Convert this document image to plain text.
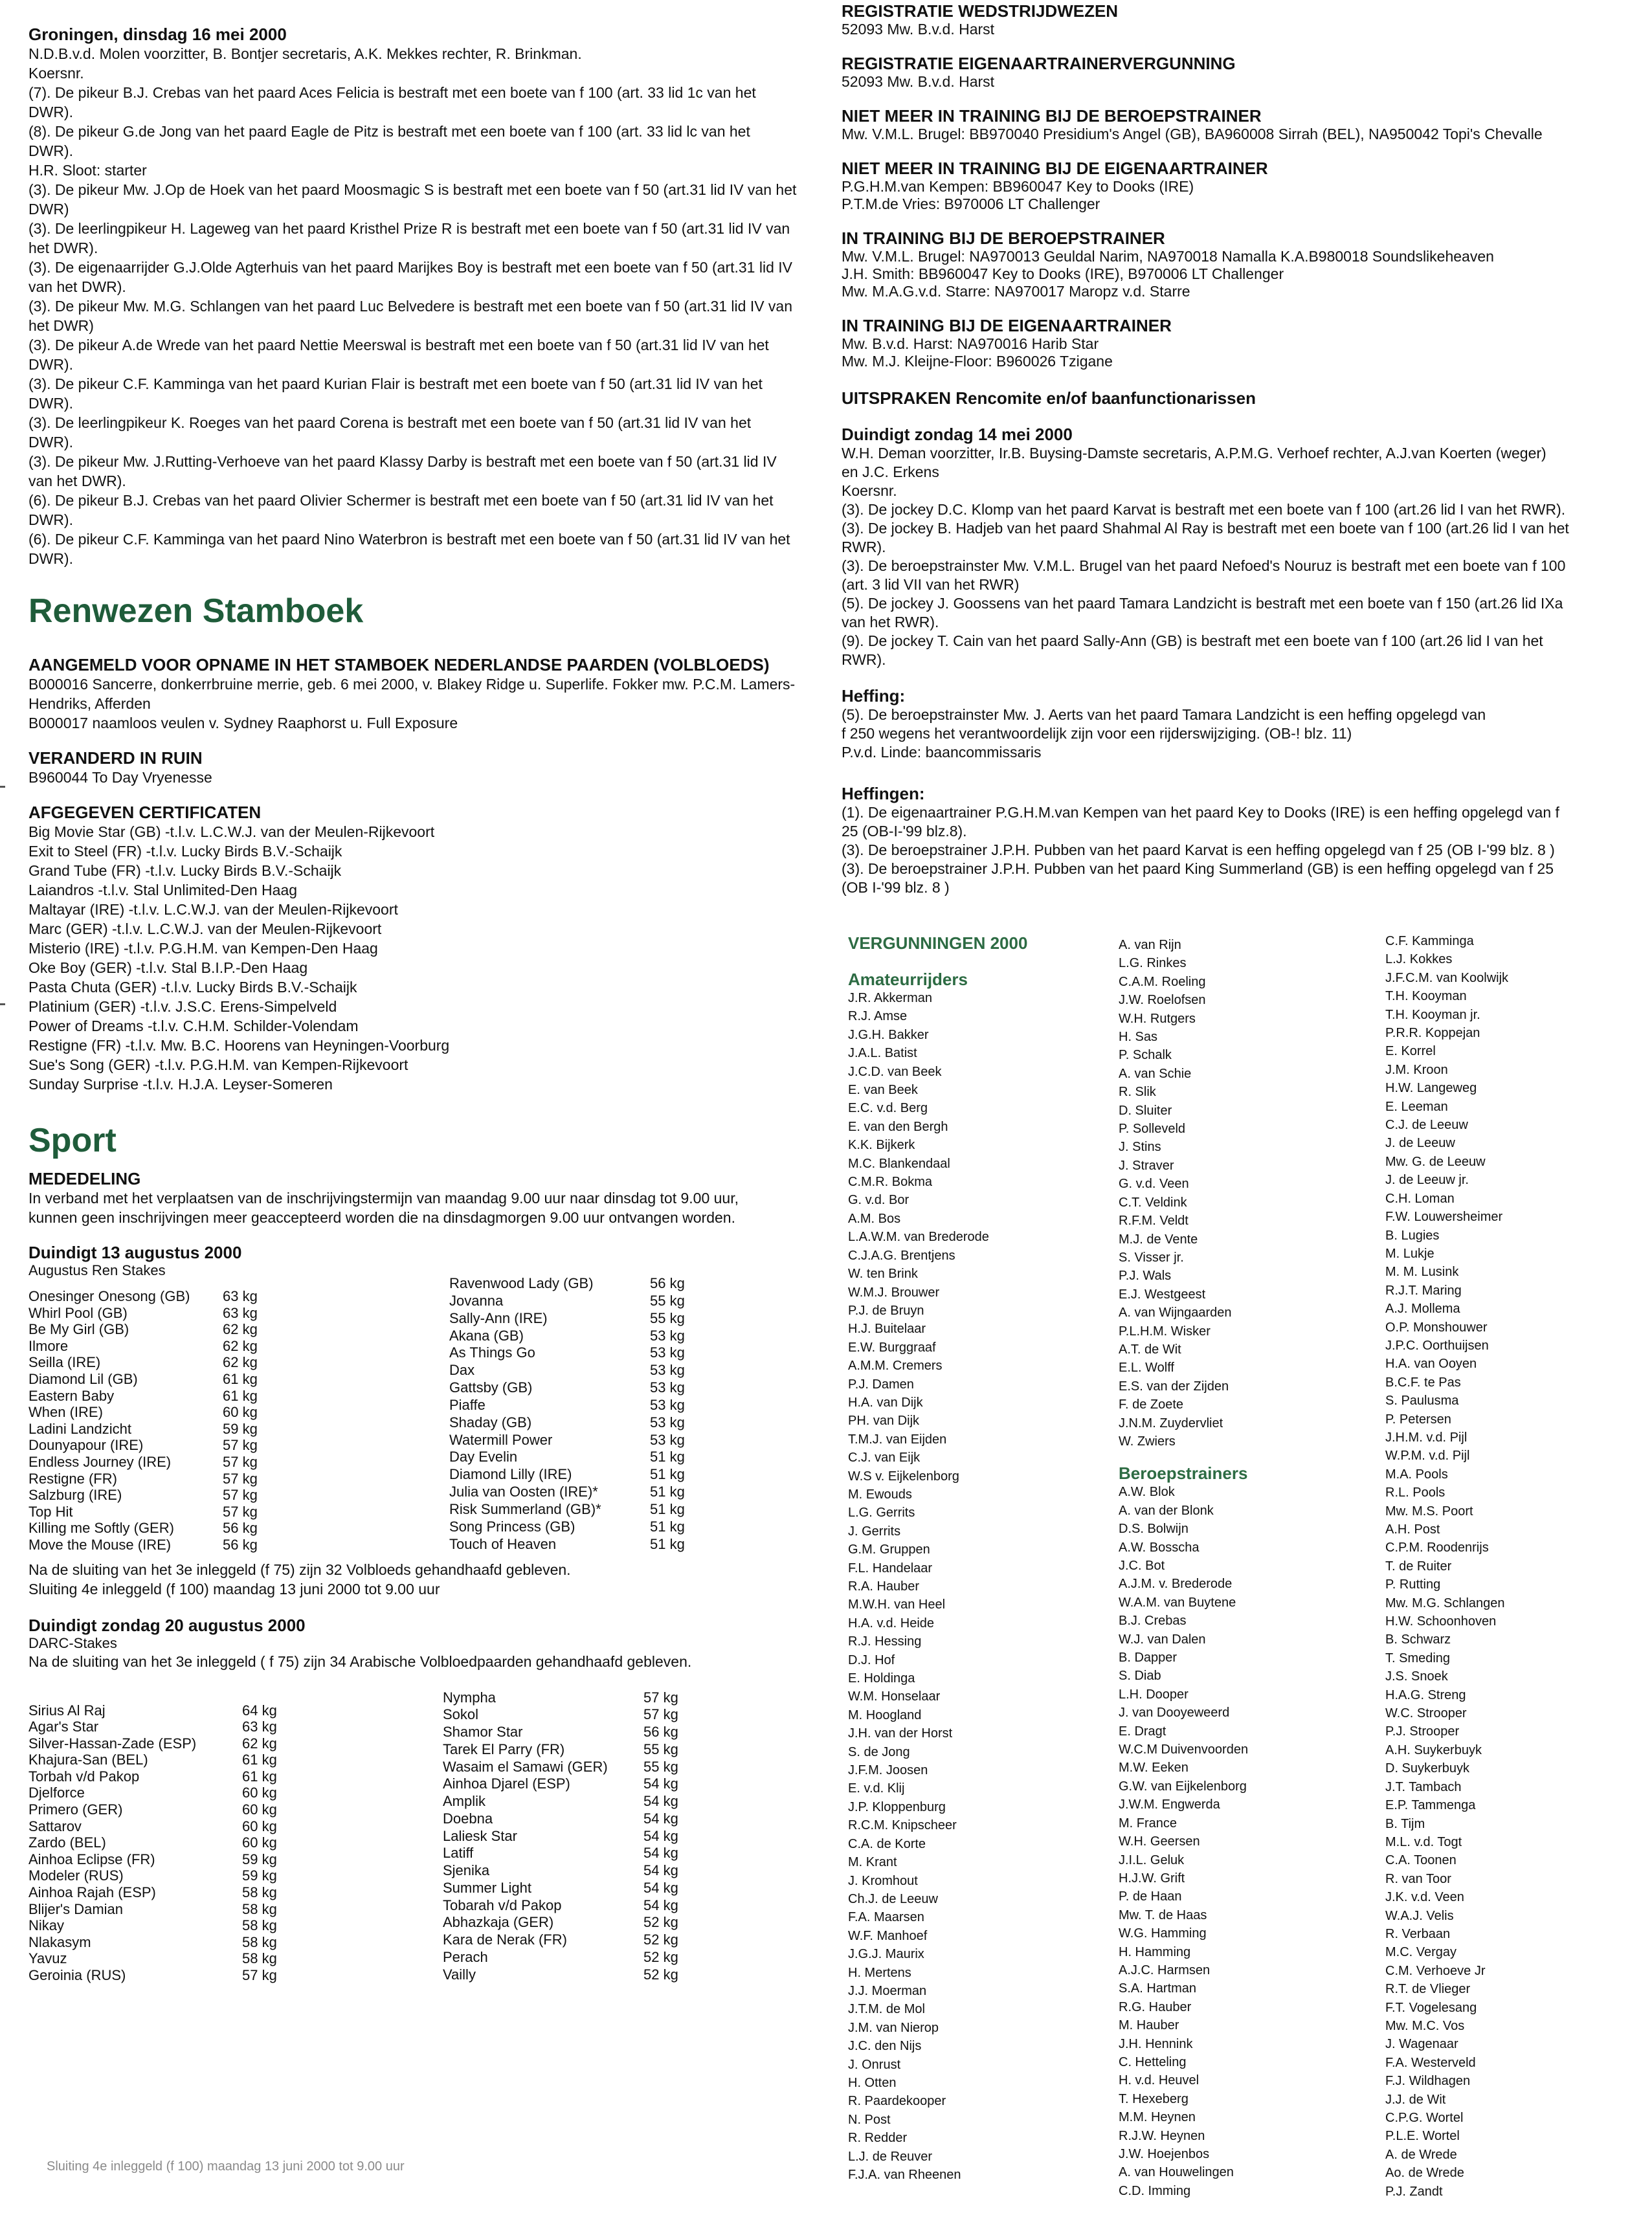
Groningen, dinsdag 16 mei 2000

N.D.B.v.d. Molen voorzitter, B. Bontjer secretaris, A.K. Mekkes rechter, R. Brinkman.
Koersnr.
(7). De pikeur B.J. Crebas van het paard Aces Felicia is bestraft met een boete van f 100 (art. 33 lid 1c van het DWR).
(8). De pikeur G.de Jong van het paard Eagle de Pitz is bestraft met een boete van f 100 (art. 33 lid lc van het DWR).
H.R. Sloot: starter
(3). De pikeur Mw. J.Op de Hoek van het paard Moosmagic S is bestraft met een boete van f 50 (art.31 lid IV van het DWR)
(3). De leerlingpikeur H. Lageweg van het paard Kristhel Prize R is bestraft met een boete van f 50 (art.31 lid IV van het DWR).
(3). De eigenaarrijder G.J.Olde Agterhuis van het paard Marijkes Boy is bestraft met een boete van f 50 (art.31 lid IV van het DWR).
(3). De pikeur Mw. M.G. Schlangen van het paard Luc Belvedere is bestraft met een boete van f 50 (art.31 lid IV van het DWR)
(3). De pikeur A.de Wrede van het paard Nettie Meerswal is bestraft met een boete van f 50 (art.31 lid IV van het DWR).
(3). De pikeur C.F. Kamminga van het paard Kurian Flair is bestraft met een boete van f 50 (art.31 lid IV van het DWR).
(3). De leerlingpikeur K. Roeges van het paard Corena is bestraft met een boete van f 50 (art.31 lid IV van het DWR).
(3). De pikeur Mw. J.Rutting-Verhoeve van het paard Klassy Darby is bestraft met een boete van f 50 (art.31 lid IV van het DWR).
(6). De pikeur B.J. Crebas van het paard Olivier Schermer is bestraft met een boete van f 50 (art.31 lid IV van het DWR).
(6). De pikeur C.F. Kamminga van het paard Nino Waterbron is bestraft met een boete van f 50 (art.31 lid IV van het DWR).

Renwezen Stamboek

AANGEMELD VOOR OPNAME IN HET STAMBOEK NEDERLANDSE PAARDEN (VOLBLOEDS)

B000016 Sancerre, donkerrbruine merrie, geb. 6 mei 2000, v. Blakey Ridge u. Superlife. Fokker mw. P.C.M. Lamers-Hendriks, Afferden
B000017 naamloos veulen v. Sydney Raaphorst u. Full Exposure

VERANDERD IN RUIN

B960044 To Day Vryenesse

AFGEGEVEN CERTIFICATEN

Big Movie Star (GB) -t.l.v. L.C.W.J. van der Meulen-Rijkevoort
Exit to Steel (FR) -t.l.v. Lucky Birds B.V.-Schaijk
Grand Tube (FR) -t.l.v. Lucky Birds B.V.-Schaijk
Laiandros -t.l.v. Stal Unlimited-Den Haag
Maltayar (IRE) -t.l.v. L.C.W.J. van der Meulen-Rijkevoort
Marc (GER) -t.l.v. L.C.W.J. van der Meulen-Rijkevoort
Misterio (IRE) -t.l.v. P.G.H.M. van Kempen-Den Haag
Oke Boy (GER) -t.l.v. Stal B.I.P.-Den Haag
Pasta Chuta (GER) -t.l.v. Lucky Birds B.V.-Schaijk
Platinium (GER) -t.l.v. J.S.C. Erens-Simpelveld
Power of Dreams -t.l.v. C.H.M. Schilder-Volendam
Restigne (FR) -t.l.v. Mw. B.C. Hoorens van Heyningen-Voorburg
Sue's Song (GER) -t.l.v. P.G.H.M. van Kempen-Rijkevoort
Sunday Surprise -t.l.v. H.J.A. Leyser-Someren

Sport

MEDEDELING

In verband met het verplaatsen van de inschrijvingstermijn van maandag 9.00 uur naar dinsdag tot 9.00 uur,
kunnen geen inschrijvingen meer geaccepteerd worden die na dinsdagmorgen 9.00 uur ontvangen worden.

Duindigt 13 augustus 2000

Augustus Ren Stakes

Onesinger Onesong (GB)	63 kg
Whirl Pool (GB)	63 kg
Be My Girl (GB)	62 kg
Ilmore	62 kg
Seilla (IRE)	62 kg
Diamond Lil (GB)	61 kg
Eastern Baby	61 kg
When (IRE)	60 kg
Ladini Landzicht	59 kg
Dounyapour (IRE)	57 kg
Endless Journey (IRE)	57 kg
Restigne (FR)	57 kg
Salzburg (IRE)	57 kg
Top Hit	57 kg
Killing me Softly (GER)	56 kg
Move the Mouse (IRE)	56 kg
Ravenwood Lady (GB)	56 kg
Jovanna	55 kg
Sally-Ann (IRE)	55 kg
Akana (GB)	53 kg
As Things Go	53 kg
Dax	53 kg
Gattsby (GB)	53 kg
Piaffe	53 kg
Shaday (GB)	53 kg
Watermill Power	53 kg
Day Evelin	51 kg
Diamond Lilly (IRE)	51 kg
Julia van Oosten (IRE)*	51 kg
Risk Summerland (GB)*	51 kg
Song Princess (GB)	51 kg
Touch of Heaven	51 kg
Na de sluiting van het 3e inleggeld (f 75) zijn 32 Volbloeds gehandhaafd gebleven.
Sluiting 4e inleggeld (f 100) maandag 13 juni 2000 tot 9.00 uur

Duindigt zondag 20 augustus 2000

DARC-Stakes

Na de sluiting van het 3e inleggeld ( f 75) zijn 34 Arabische Volbloedpaarden gehandhaafd gebleven.

Sirius Al Raj	64 kg
Agar's Star	63 kg
Silver-Hassan-Zade (ESP)	62 kg
Khajura-San (BEL)	61 kg
Torbah v/d Pakop	61 kg
Djelforce	60 kg
Primero (GER)	60 kg
Sattarov	60 kg
Zardo (BEL)	60 kg
Ainhoa Eclipse (FR)	59 kg
Modeler (RUS)	59 kg
Ainhoa Rajah (ESP)	58 kg
Blijer's Damian	58 kg
Nikay	58 kg
Nlakasym	58 kg
Yavuz	58 kg
Geroinia (RUS)	57 kg
Nympha	57 kg
Sokol	57 kg
Shamor Star	56 kg
Tarek El Parry (FR)	55 kg
Wasaim el Samawi (GER)	55 kg
Ainhoa Djarel (ESP)	54 kg
Amplik	54 kg
Doebna	54 kg
Laliesk Star	54 kg
Latiff	54 kg
Sjenika	54 kg
Summer Light	54 kg
Tobarah v/d Pakop	54 kg
Abhazkaja (GER)	52 kg
Kara de Nerak (FR)	52 kg
Perach	52 kg
Vailly	52 kg
Sluiting 4e inleggeld (f 100) maandag 13 juni 2000 tot 9.00 uur

REGISTRATIE WEDSTRIJDWEZEN

52093 Mw. B.v.d. Harst

REGISTRATIE EIGENAARTRAINERVERGUNNING

52093 Mw. B.v.d. Harst

NIET MEER IN TRAINING BIJ DE BEROEPSTRAINER

Mw. V.M.L. Brugel: BB970040 Presidium's Angel (GB), BA960008 Sirrah (BEL), NA950042 Topi's Chevalle

NIET MEER IN TRAINING BIJ DE EIGENAARTRAINER

P.G.H.M.van Kempen: BB960047 Key to Dooks (IRE)
P.T.M.de Vries: B970006 LT Challenger

IN TRAINING BIJ DE BEROEPSTRAINER

Mw. V.M.L. Brugel: NA970013 Geuldal Narim, NA970018 Namalla K.A.B980018 Soundslikeheaven
J.H. Smith: BB960047 Key to Dooks (IRE), B970006 LT Challenger
Mw. M.A.G.v.d. Starre: NA970017 Maropz v.d. Starre

IN TRAINING BIJ DE EIGENAARTRAINER

Mw. B.v.d. Harst: NA970016 Harib Star
Mw. M.J. Kleijne-Floor: B960026 Tzigane

UITSPRAKEN Rencomite en/of baanfunctionarissen

Duindigt zondag 14 mei 2000

W.H. Deman voorzitter, Ir.B. Buysing-Damste secretaris, A.P.M.G. Verhoef rechter, A.J.van Koerten (weger)
en J.C. Erkens
Koersnr.
(3). De jockey D.C. Klomp van het paard Karvat is bestraft met een boete van f 100 (art.26 lid I van het RWR).
(3). De jockey B. Hadjeb van het paard Shahmal Al Ray is bestraft met een boete van f 100 (art.26 lid I van het
RWR).
(3). De beroepstrainster Mw. V.M.L. Brugel van het paard Nefoed's Nouruz is bestraft met een boete van f 100
(art. 3 lid VII van het RWR)
(5). De jockey J. Goossens van het paard Tamara Landzicht is bestraft met een boete van f 150 (art.26 lid IXa
van het RWR).
(9). De jockey T. Cain van het paard Sally-Ann (GB) is bestraft met een boete van f 100 (art.26 lid I van het
RWR).

Heffing:

(5). De beroepstrainster Mw. J. Aerts van het paard Tamara Landzicht is een heffing opgelegd van
f 250 wegens het verantwoordelijk zijn voor een rijderswijziging. (OB-! blz. 11)
P.v.d. Linde: baancommissaris

Heffingen:

(1). De eigenaartrainer P.G.H.M.van Kempen van het paard Key to Dooks (IRE) is een heffing opgelegd van f
25 (OB-I-'99 blz.8).
(3). De beroepstrainer J.P.H. Pubben van het paard Karvat is een heffing opgelegd van f 25 (OB I-'99 blz. 8 )
(3). De beroepstrainer J.P.H. Pubben van het paard King Summerland (GB) is een heffing opgelegd van f 25
(OB I-'99 blz. 8 )

VERGUNNINGEN 2000

Amateurrijders

J.R. Akkerman
R.J. Amse
J.G.H. Bakker
J.A.L. Batist
J.C.D. van Beek
E. van Beek
E.C. v.d. Berg
E. van den Bergh
K.K. Bijkerk
M.C. Blankendaal
C.M.R. Bokma
G. v.d. Bor
A.M. Bos
L.A.W.M. van Brederode
C.J.A.G. Brentjens
W. ten Brink
W.M.J. Brouwer
P.J. de Bruyn
H.J. Buitelaar
E.W. Burggraaf
A.M.M. Cremers
P.J. Damen
H.A. van Dijk
PH. van Dijk
T.M.J. van Eijden
C.J. van Eijk
W.S v. Eijkelenborg
M. Ewouds
L.G. Gerrits
J. Gerrits
G.M. Gruppen
F.L. Handelaar
R.A. Hauber
M.W.H. van Heel
H.A. v.d. Heide
R.J. Hessing
D.J. Hof
E. Holdinga
W.M. Honselaar
M. Hoogland
J.H. van der Horst
S. de Jong
J.F.M. Joosen
E. v.d. Klij
J.P. Kloppenburg
R.C.M. Knipscheer
C.A. de Korte
M. Krant
J. Kromhout
Ch.J. de Leeuw
F.A. Maarsen
W.F. Manhoef
J.G.J. Maurix
H. Mertens
J.J. Moerman
J.T.M. de Mol
J.M. van Nierop
J.C. den Nijs
J. Onrust
H. Otten
R. Paardekooper
N. Post
R. Redder
L.J. de Reuver
F.J.A. van Rheenen
A. van Rijn
L.G. Rinkes
C.A.M. Roeling
J.W. Roelofsen
W.H. Rutgers
H. Sas
P. Schalk
A. van Schie
R. Slik
D. Sluiter
P. Solleveld
J. Stins
J. Straver
G. v.d. Veen
C.T. Veldink
R.F.M. Veldt
M.J. de Vente
S. Visser jr.
P.J. Wals
E.J. Westgeest
A. van Wijngaarden
P.L.H.M. Wisker
A.T. de Wit
E.L. Wolff
E.S. van der Zijden
F. de Zoete
J.N.M. Zuydervliet
W. Zwiers

Beroepstrainers

A.W. Blok
A. van der Blonk
D.S. Bolwijn
A.W. Bosscha
J.C. Bot
A.J.M. v. Brederode
W.A.M. van Buytene
B.J. Crebas
W.J. van Dalen
B. Dapper
S. Diab
L.H. Dooper
J. van Dooyeweerd
E. Dragt
W.C.M Duivenvoorden
M.W. Eeken
G.W. van Eijkelenborg
J.W.M. Engwerda
M. France
W.H. Geersen
J.I.L. Geluk
H.J.W. Grift
P. de Haan
Mw. T. de Haas
W.G. Hamming
H. Hamming
A.J.C. Harmsen
S.A. Hartman
R.G. Hauber
M. Hauber
J.H. Hennink
C. Hetteling
H. v.d. Heuvel
T. Hexeberg
M.M. Heynen
R.J.W. Heynen
J.W. Hoejenbos
A. van Houwelingen
C.D. Imming
C.F. Kamminga
L.J. Kokkes
J.F.C.M. van Koolwijk
T.H. Kooyman
T.H. Kooyman jr.
P.R.R. Koppejan
E. Korrel
J.M. Kroon
H.W. Langeweg
E. Leeman
C.J. de Leeuw
J. de Leeuw
Mw. G. de Leeuw
J. de Leeuw jr.
C.H. Loman
F.W. Louwersheimer
B. Lugies
M. Lukje
M. M. Lusink
R.J.T. Maring
A.J. Mollema
O.P. Monshouwer
J.P.C. Oorthuijsen
H.A. van Ooyen
B.C.F. te Pas
S. Paulusma
P. Petersen
J.H.M. v.d. Pijl
W.P.M. v.d. Pijl
M.A. Pools
R.L. Pools
Mw. M.S. Poort
A.H. Post
C.P.M. Roodenrijs
T. de Ruiter
P. Rutting
Mw. M.G. Schlangen
H.W. Schoonhoven
B. Schwarz
T. Smeding
J.S. Snoek
H.A.G. Streng
W.C. Strooper
P.J. Strooper
A.H. Suykerbuyk
D. Suykerbuyk
J.T. Tambach
E.P. Tammenga
B. Tijm
M.L. v.d. Togt
C.A. Toonen
R. van Toor
J.K. v.d. Veen
W.A.J. Velis
R. Verbaan
M.C. Vergay
C.M. Verhoeve Jr
R.T. de Vlieger
F.T. Vogelesang
Mw. M.C. Vos
J. Wagenaar
F.A. Westerveld
F.J. Wildhagen
J.J. de Wit
C.P.G. Wortel
P.L.E. Wortel
A. de Wrede
Ao. de Wrede
P.J. Zandt
